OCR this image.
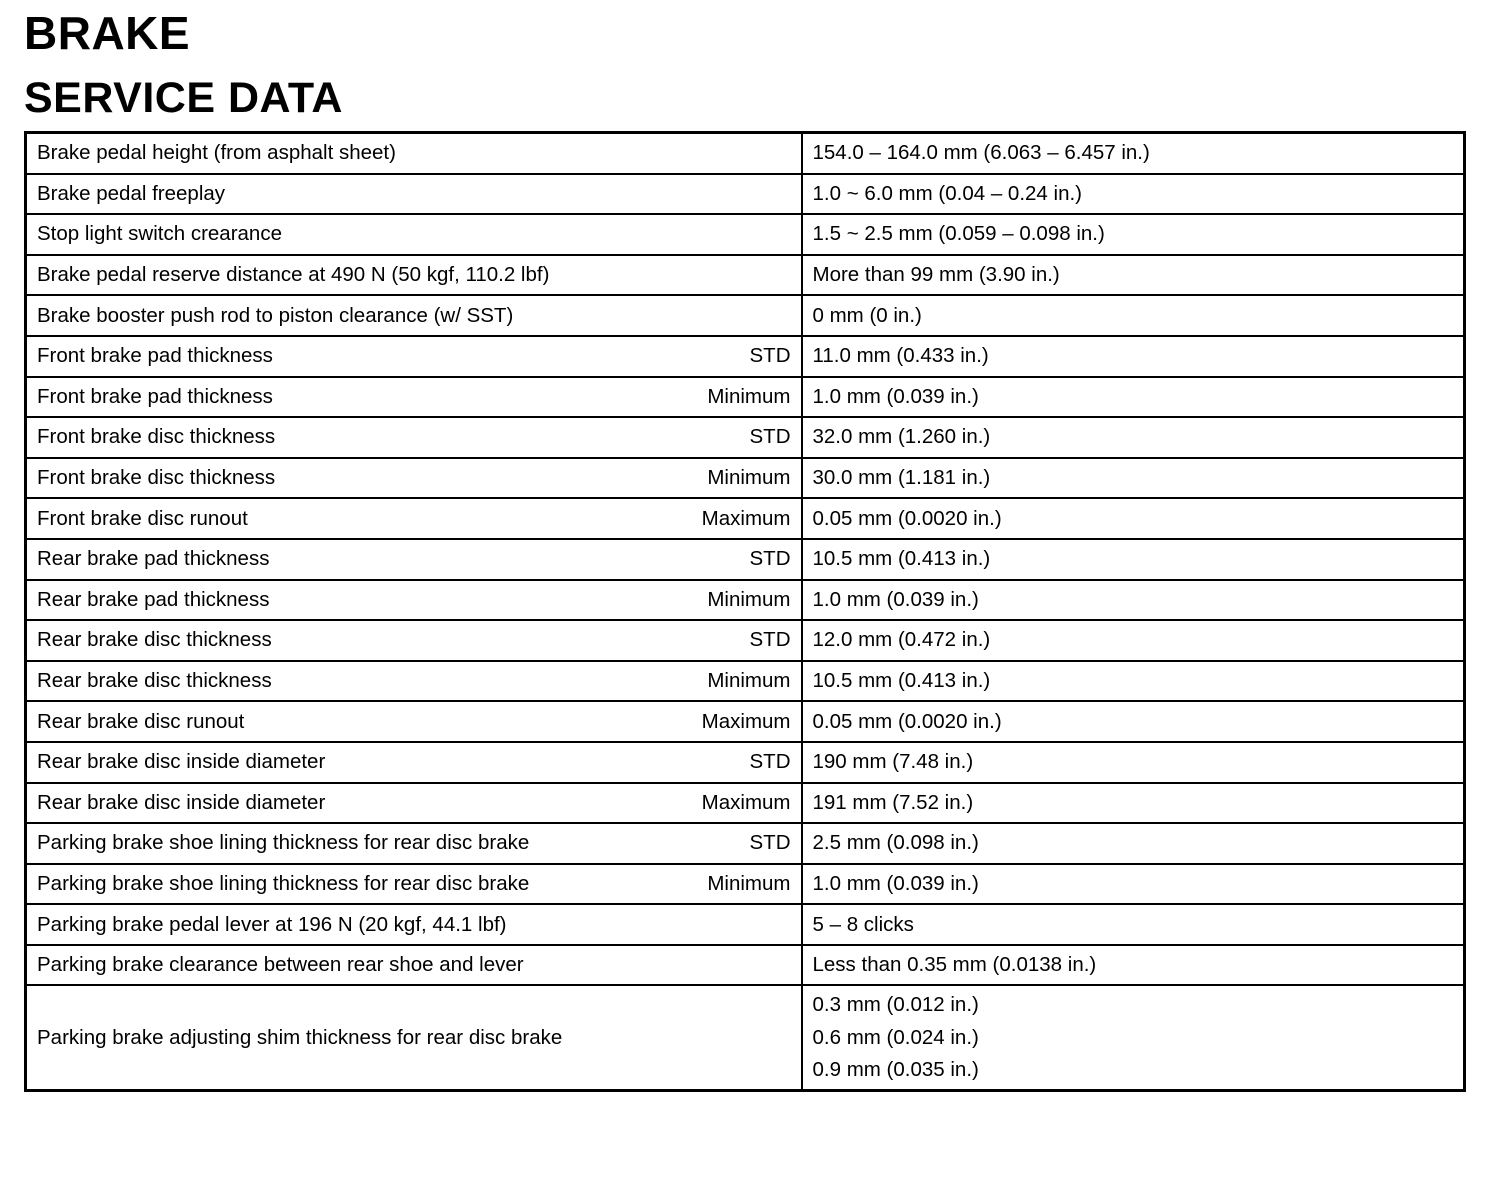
BRAKE
SERVICE DATA
Brake pedal height (from asphalt sheet)	154.0 – 164.0 mm (6.063 – 6.457 in.)
Brake pedal freeplay	1.0 ~ 6.0 mm (0.04 – 0.24 in.)
Stop light switch crearance	1.5 ~ 2.5 mm (0.059 – 0.098 in.)
Brake pedal reserve distance at 490 N (50 kgf, 110.2 lbf)	More than 99 mm (3.90 in.)
Brake booster push rod to piston clearance (w/ SST)	0 mm (0 in.)
Front brake pad thickness STD	11.0 mm (0.433 in.)
Front brake pad thickness Minimum	1.0 mm (0.039 in.)
Front brake disc thickness STD	32.0 mm (1.260 in.)
Front brake disc thickness Minimum	30.0 mm (1.181 in.)
Front brake disc runout Maximum	0.05 mm (0.0020 in.)
Rear brake pad thickness STD	10.5 mm (0.413 in.)
Rear brake pad thickness Minimum	1.0 mm (0.039 in.)
Rear brake disc thickness STD	12.0 mm (0.472 in.)
Rear brake disc thickness Minimum	10.5 mm (0.413 in.)
Rear brake disc runout Maximum	0.05 mm (0.0020 in.)
Rear brake disc inside diameter STD	190 mm (7.48 in.)
Rear brake disc inside diameter Maximum	191 mm (7.52 in.)
Parking brake shoe lining thickness for rear disc brake STD	2.5 mm (0.098 in.)
Parking brake shoe lining thickness for rear disc brake Minimum	1.0 mm (0.039 in.)
Parking brake pedal lever at 196 N (20 kgf, 44.1 lbf)	5 – 8 clicks
Parking brake clearance between rear shoe and lever	Less than 0.35 mm (0.0138 in.)
Parking brake adjusting shim thickness for rear disc brake	0.3 mm (0.012 in.)
0.6 mm (0.024 in.)
0.9 mm (0.035 in.)
